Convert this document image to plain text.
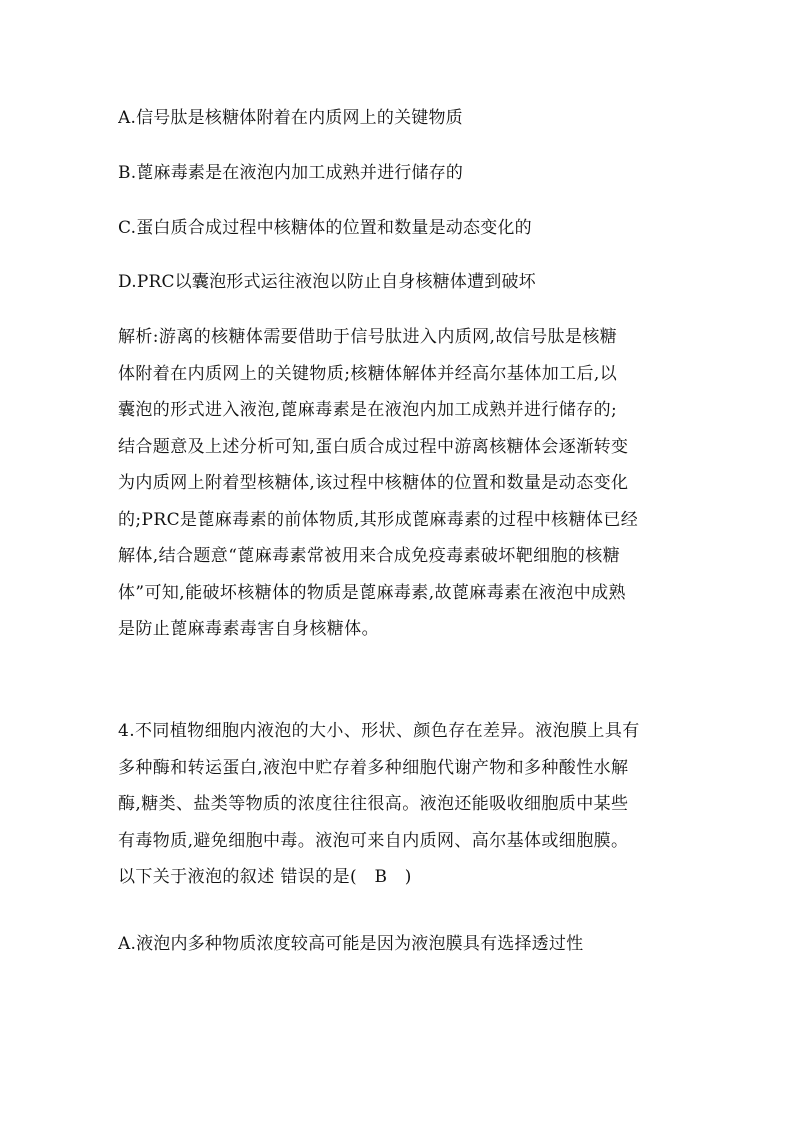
A.信号肽是核糖体附着在内质网上的关键物质
B.蓖麻毒素是在液泡内加工成熟并进行储存的
C.蛋白质合成过程中核糖体的位置和数量是动态变化的
D.PRC以囊泡形式运往液泡以防止自身核糖体遭到破坏
解析:游离的核糖体需要借助于信号肽进入内质网,故信号肽是核糖
体附着在内质网上的关键物质;核糖体解体并经高尔基体加工后,以
囊泡的形式进入液泡,蓖麻毒素是在液泡内加工成熟并进行储存的;
结合题意及上述分析可知,蛋白质合成过程中游离核糖体会逐渐转变
为内质网上附着型核糖体,该过程中核糖体的位置和数量是动态变化
的;PRC是蓖麻毒素的前体物质,其形成蓖麻毒素的过程中核糖体已经
解体,结合题意“蓖麻毒素常被用来合成免疫毒素破坏靶细胞的核糖
体”可知,能破坏核糖体的物质是蓖麻毒素,故蓖麻毒素在液泡中成熟
是防止蓖麻毒素毒害自身核糖体。
4.不同植物细胞内液泡的大小、形状、颜色存在差异。液泡膜上具有
多种酶和转运蛋白,液泡中贮存着多种细胞代谢产物和多种酸性水解
酶,糖类、盐类等物质的浓度往往很高。液泡还能吸收细胞质中某些
有毒物质,避免细胞中毒。液泡可来自内质网、高尔基体或细胞膜。
以下关于液泡的叙述 错误的是( B )
A.液泡内多种物质浓度较高可能是因为液泡膜具有选择透过性
